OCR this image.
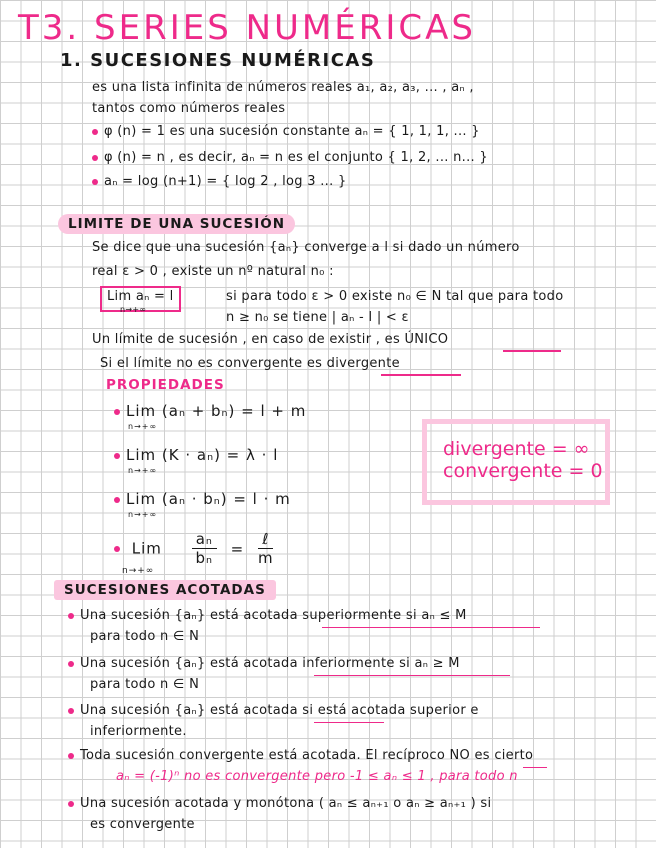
T3. SERIES NUMÉRICAS
1. SUCESIONES NUMÉRICAS
es una lista infinita de números reales a₁, a₂, a₃, ... , aₙ ,
tantos como números reales
φ (n) = 1 es una sucesión constante aₙ = { 1, 1, 1, ... }
φ (n) = n , es decir, aₙ = n es el conjunto { 1, 2, ... n... }
aₙ = log (n+1) = { log 2 , log 3 ... }
LIMITE DE UNA SUCESIÓN
Se dice que una sucesión {aₙ} converge a l si dado un número
real ε > 0 , existe un nº natural n₀ :
Lim aₙ = l
n→+∞
si para todo ε > 0 existe n₀ ∈ N tal que para todo
n ≥ n₀ se tiene | aₙ - l | < ε
Un límite de sucesión , en caso de existir , es ÚNICO
Si el límite no es convergente es divergente
PROPIEDADES
Lim (aₙ + bₙ) = l + m
n→+∞
Lim (K · aₙ) = λ · l
n→+∞
Lim (aₙ · bₙ) = l · m
n→+∞
Lim $\frac{\text{aₙ}}{\text{bₙ}} = \frac{\text{ℓ}}{m}$
n→+∞
divergente = ∞
convergente = 0
SUCESIONES ACOTADAS
Una sucesión {aₙ} está acotada superiormente si aₙ ≤ M
para todo n ∈ N
Una sucesión {aₙ} está acotada inferiormente si aₙ ≥ M
para todo n ∈ N
Una sucesión {aₙ} está acotada si está acotada superior e
inferiormente.
Toda sucesión convergente está acotada. El recíproco NO es cierto
aₙ = (-1)ⁿ no es convergente pero -1 ≤ aₙ ≤ 1 , para todo n
Una sucesión acotada y monótona ( aₙ ≤ aₙ₊₁ o aₙ ≥ aₙ₊₁ ) si
es convergente
